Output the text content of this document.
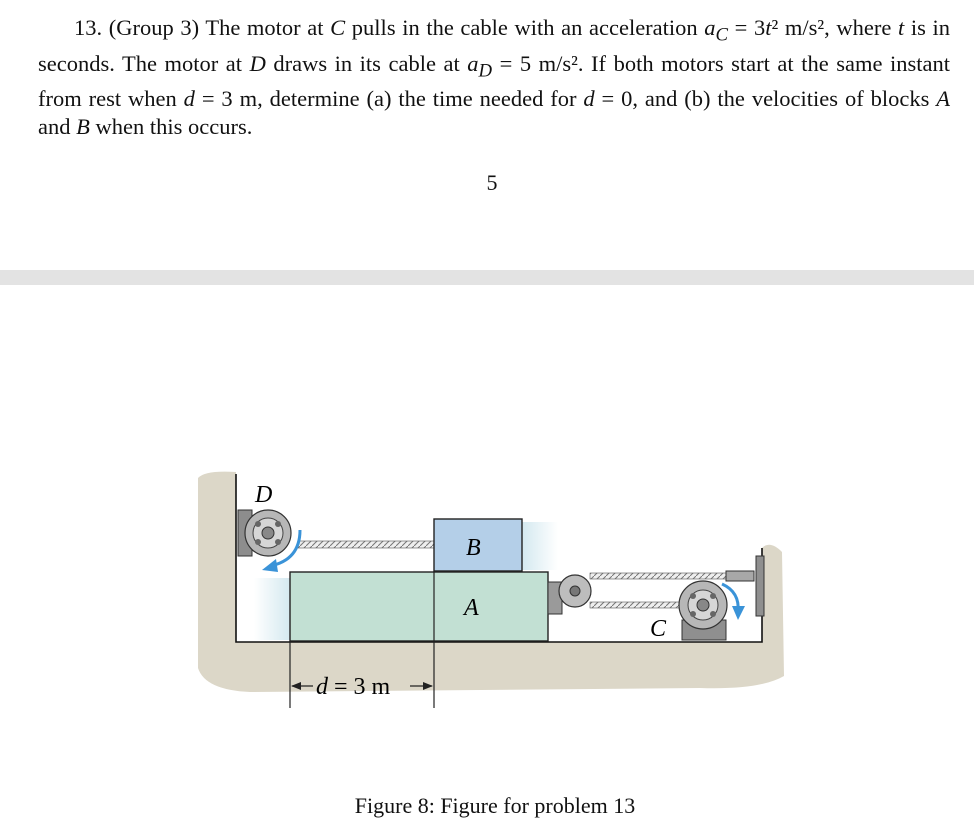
13. (Group 3) The motor at C pulls in the cable with an acceleration $a_C = 3t^2$ m/s², where t is in seconds. The motor at D draws in its cable at $a_D = 5$ m/s². If both motors start at the same instant from rest when d = 3 m, determine (a) the time needed for d = 0, and (b) the velocities of blocks A and B when this occurs.

5
D
C
A
B
d = 3 m
Figure 8: Figure for problem 13
